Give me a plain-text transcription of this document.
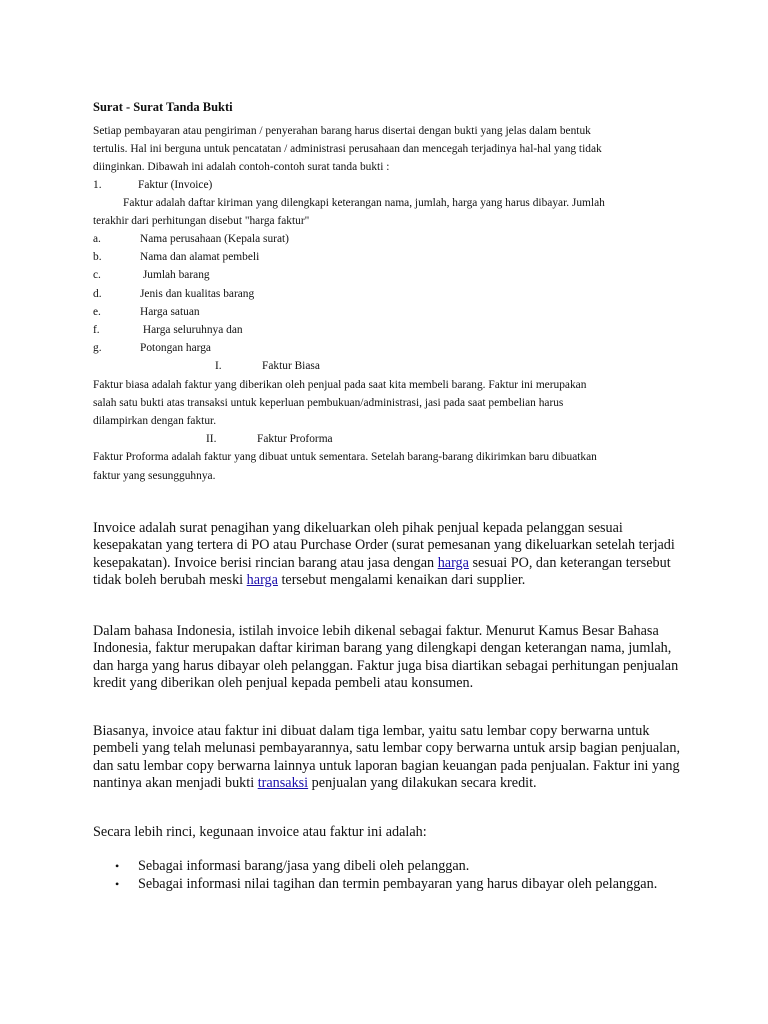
Surat - Surat Tanda Bukti
Setiap pembayaran atau pengiriman / penyerahan barang harus disertai dengan bukti yang jelas dalam bentuk
tertulis. Hal ini berguna untuk pencatatan / administrasi perusahaan dan mencegah terjadinya hal-hal yang tidak
diinginkan. Dibawah ini adalah contoh-contoh surat tanda bukti :
1.	Faktur (Invoice)
Faktur adalah daftar kiriman yang dilengkapi keterangan nama, jumlah, harga yang harus dibayar. Jumlah
terakhir dari perhitungan disebut "harga faktur"
a.	Nama perusahaan (Kepala surat)
b.	Nama dan alamat pembeli
c.	Jumlah barang
d.	Jenis dan kualitas barang
e.	Harga satuan
f.	Harga seluruhnya dan
g.	Potongan harga
I.	Faktur Biasa
Faktur biasa adalah faktur yang diberikan oleh penjual pada saat kita membeli barang. Faktur ini merupakan
salah satu bukti atas transaksi untuk keperluan pembukuan/administrasi, jasi pada saat pembelian harus
dilampirkan dengan faktur.
II.	Faktur Proforma
Faktur Proforma adalah faktur yang dibuat untuk sementara. Setelah barang-barang dikirimkan baru dibuatkan
faktur yang sesungguhnya.
Invoice adalah surat penagihan yang dikeluarkan oleh pihak penjual kepada pelanggan sesuai kesepakatan yang tertera di PO atau Purchase Order (surat pemesanan yang dikeluarkan setelah terjadi kesepakatan). Invoice berisi rincian barang atau jasa dengan harga sesuai PO, dan keterangan tersebut tidak boleh berubah meski harga tersebut mengalami kenaikan dari supplier.
Dalam bahasa Indonesia, istilah invoice lebih dikenal sebagai faktur. Menurut Kamus Besar Bahasa Indonesia, faktur merupakan daftar kiriman barang yang dilengkapi dengan keterangan nama, jumlah, dan harga yang harus dibayar oleh pelanggan. Faktur juga bisa diartikan sebagai perhitungan penjualan kredit yang diberikan oleh penjual kepada pembeli atau konsumen.
Biasanya, invoice atau faktur ini dibuat dalam tiga lembar, yaitu satu lembar copy berwarna untuk pembeli yang telah melunasi pembayarannya, satu lembar copy berwarna untuk arsip bagian penjualan, dan satu lembar copy berwarna lainnya untuk laporan bagian keuangan pada penjualan. Faktur ini yang nantinya akan menjadi bukti transaksi penjualan yang dilakukan secara kredit.
Secara lebih rinci, kegunaan invoice atau faktur ini adalah:
• Sebagai informasi barang/jasa yang dibeli oleh pelanggan.
• Sebagai informasi nilai tagihan dan termin pembayaran yang harus dibayar oleh pelanggan.
